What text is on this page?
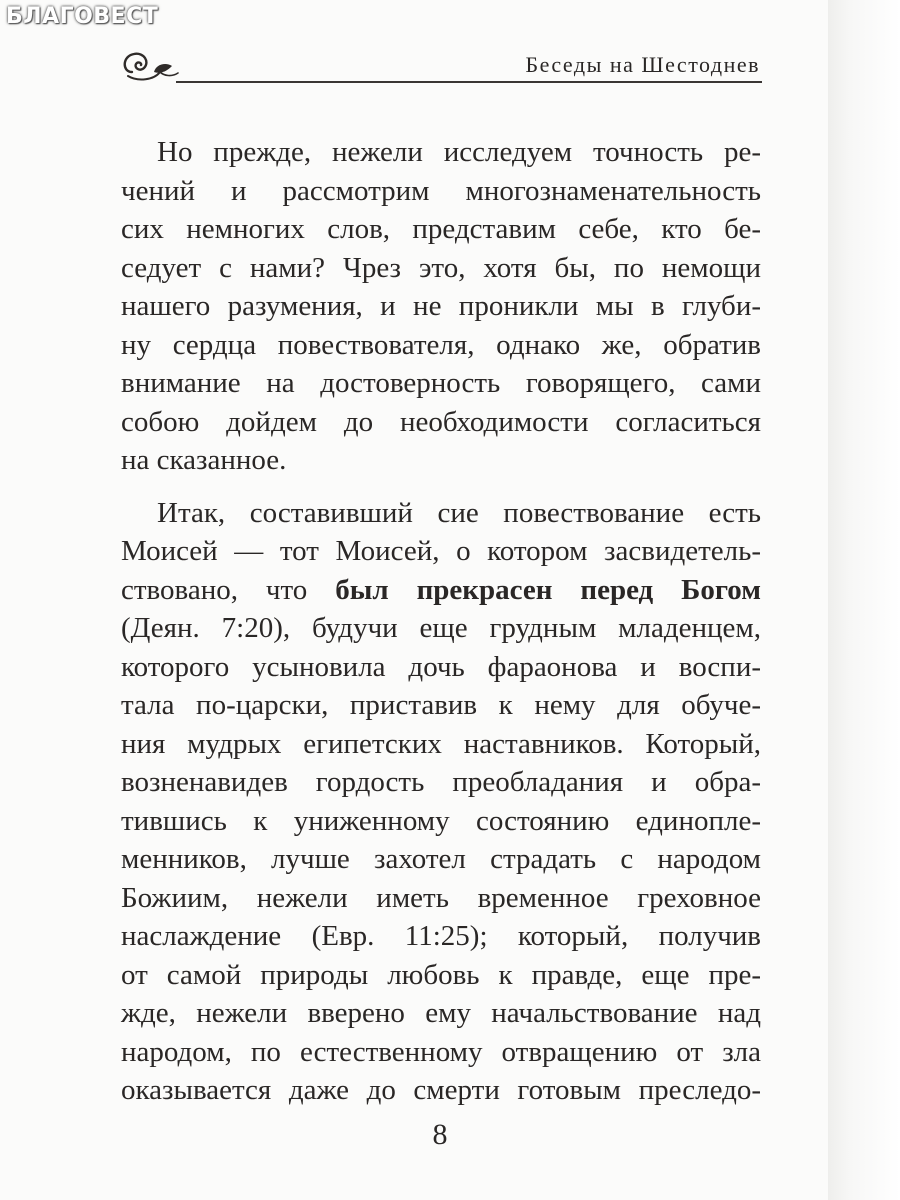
Беседы на Шестоднев
Но прежде, нежели исследуем точность ре-
чений и рассмотрим многознаменательность
сих немногих слов, представим себе, кто бе-
седует с нами? Чрез это, хотя бы, по немощи
нашего разумения, и не проникли мы в глуби-
ну сердца повествователя, однако же, обратив
внимание на достоверность говорящего, сами
собою дойдем до необходимости согласиться
на сказанное.
Итак, составивший сие повествование есть
Моисей — тот Моисей, о котором засвидетель-
ствовано, что был прекрасен перед Богом
(Деян. 7:20), будучи еще грудным младенцем,
которого усыновила дочь фараонова и воспи-
тала по-царски, приставив к нему для обуче-
ния мудрых египетских наставников. Который,
возненавидев гордость преобладания и обра-
тившись к униженному состоянию единопле-
менников, лучше захотел страдать с народом
Божиим, нежели иметь временное греховное
наслаждение (Евр. 11:25); который, получив
от самой природы любовь к правде, еще пре-
жде, нежели вверено ему начальствование над
народом, по естественному отвращению от зла
оказывается даже до смерти готовым преследо-
8
БЛАГОВЕСТ
